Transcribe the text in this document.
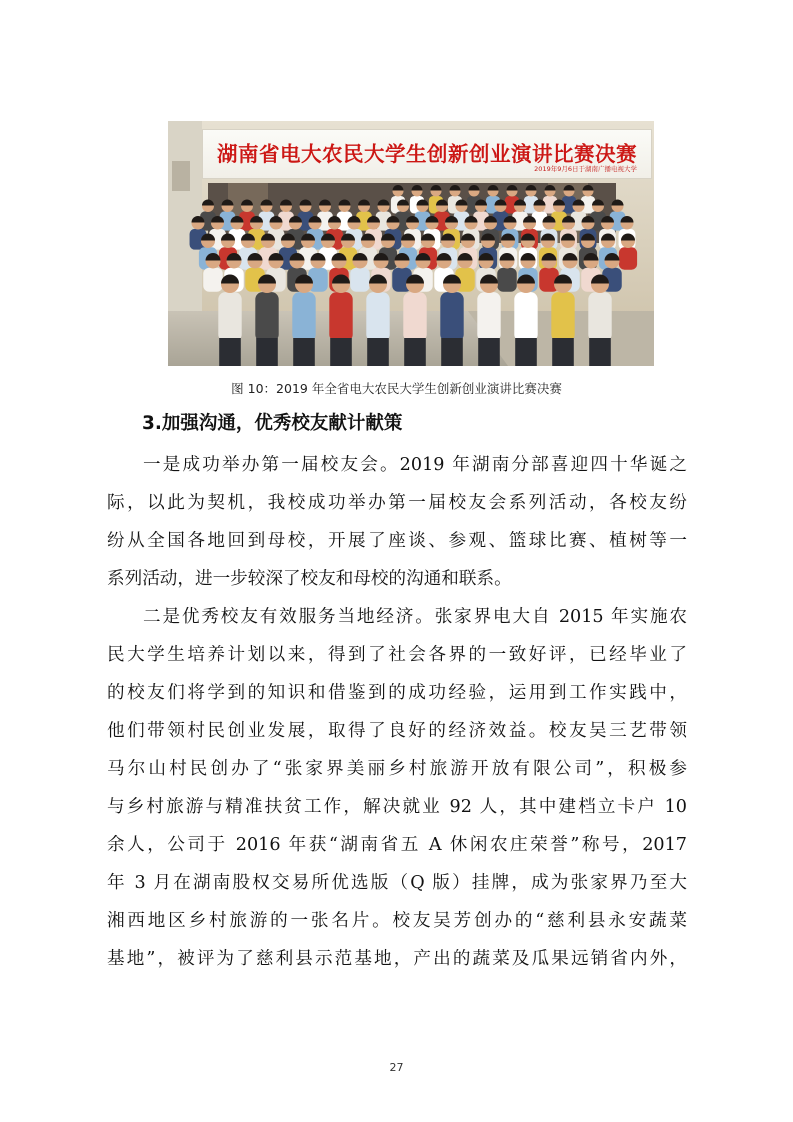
湖南省电大农民大学生创新创业演讲比赛决赛
2019年9月6日于湖南广播电视大学
图 10：2019 年全省电大农民大学生创新创业演讲比赛决赛
3.加强沟通，优秀校友献计献策
一是成功举办第一届校友会。2019 年湖南分部喜迎四十华诞之
际，以此为契机，我校成功举办第一届校友会系列活动，各校友纷
纷从全国各地回到母校，开展了座谈、参观、篮球比赛、植树等一
系列活动，进一步较深了校友和母校的沟通和联系。
二是优秀校友有效服务当地经济。张家界电大自 2015 年实施农
民大学生培养计划以来，得到了社会各界的一致好评，已经毕业了
的校友们将学到的知识和借鉴到的成功经验，运用到工作实践中，
他们带领村民创业发展，取得了良好的经济效益。校友吴三艺带领
马尔山村民创办了“张家界美丽乡村旅游开放有限公司”，积极参
与乡村旅游与精准扶贫工作，解决就业 92 人，其中建档立卡户 10
余人，公司于 2016 年获“湖南省五 A 休闲农庄荣誉”称号，2017
年 3 月在湖南股权交易所优选版（Q 版）挂牌，成为张家界乃至大
湘西地区乡村旅游的一张名片。校友吴芳创办的“慈利县永安蔬菜
基地”，被评为了慈利县示范基地，产出的蔬菜及瓜果远销省内外，
27
